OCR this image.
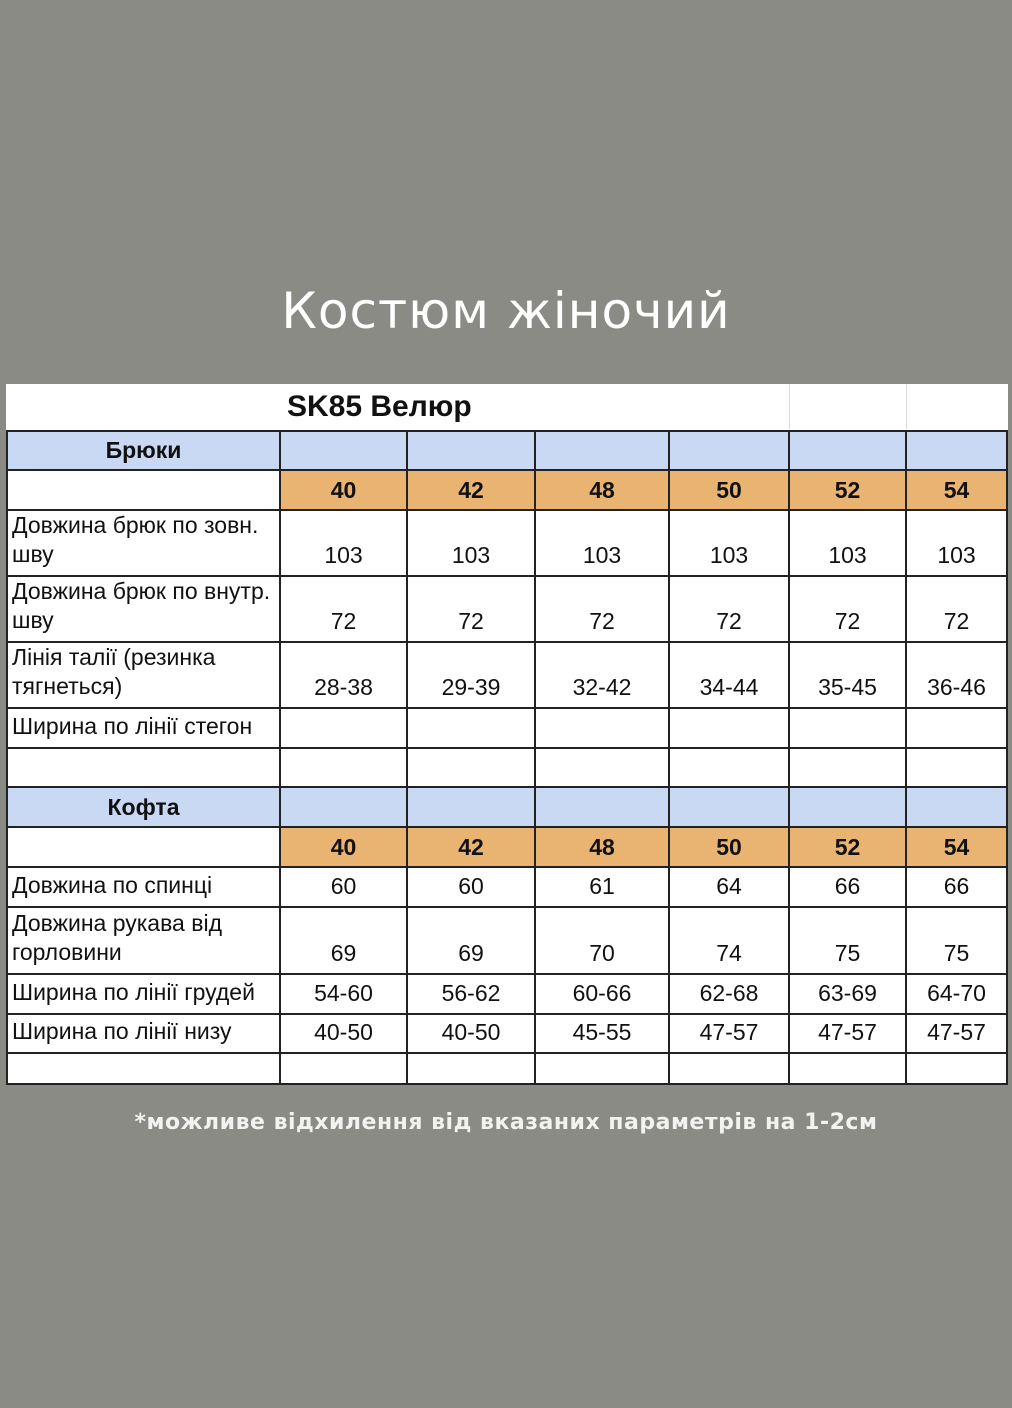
Костюм жіночий
SK85 Велюр						
Брюки						
	40	42	48	50	52	54
Довжина брюк по зовн. шву	103	103	103	103	103	103
Довжина брюк по внутр. шву	72	72	72	72	72	72
Лінія талії (резинка тягнеться)	28-38	29-39	32-42	34-44	35-45	36-46
Ширина по лінії стегон						

Кофта						
	40	42	48	50	52	54
Довжина по спинці	60	60	61	64	66	66
Довжина рукава від горловини	69	69	70	74	75	75
Ширина по лінії грудей	54-60	56-62	60-66	62-68	63-69	64-70
Ширина по лінії низу	40-50	40-50	45-55	47-57	47-57	47-57

*можливе відхилення від вказаних параметрів на 1-2см
